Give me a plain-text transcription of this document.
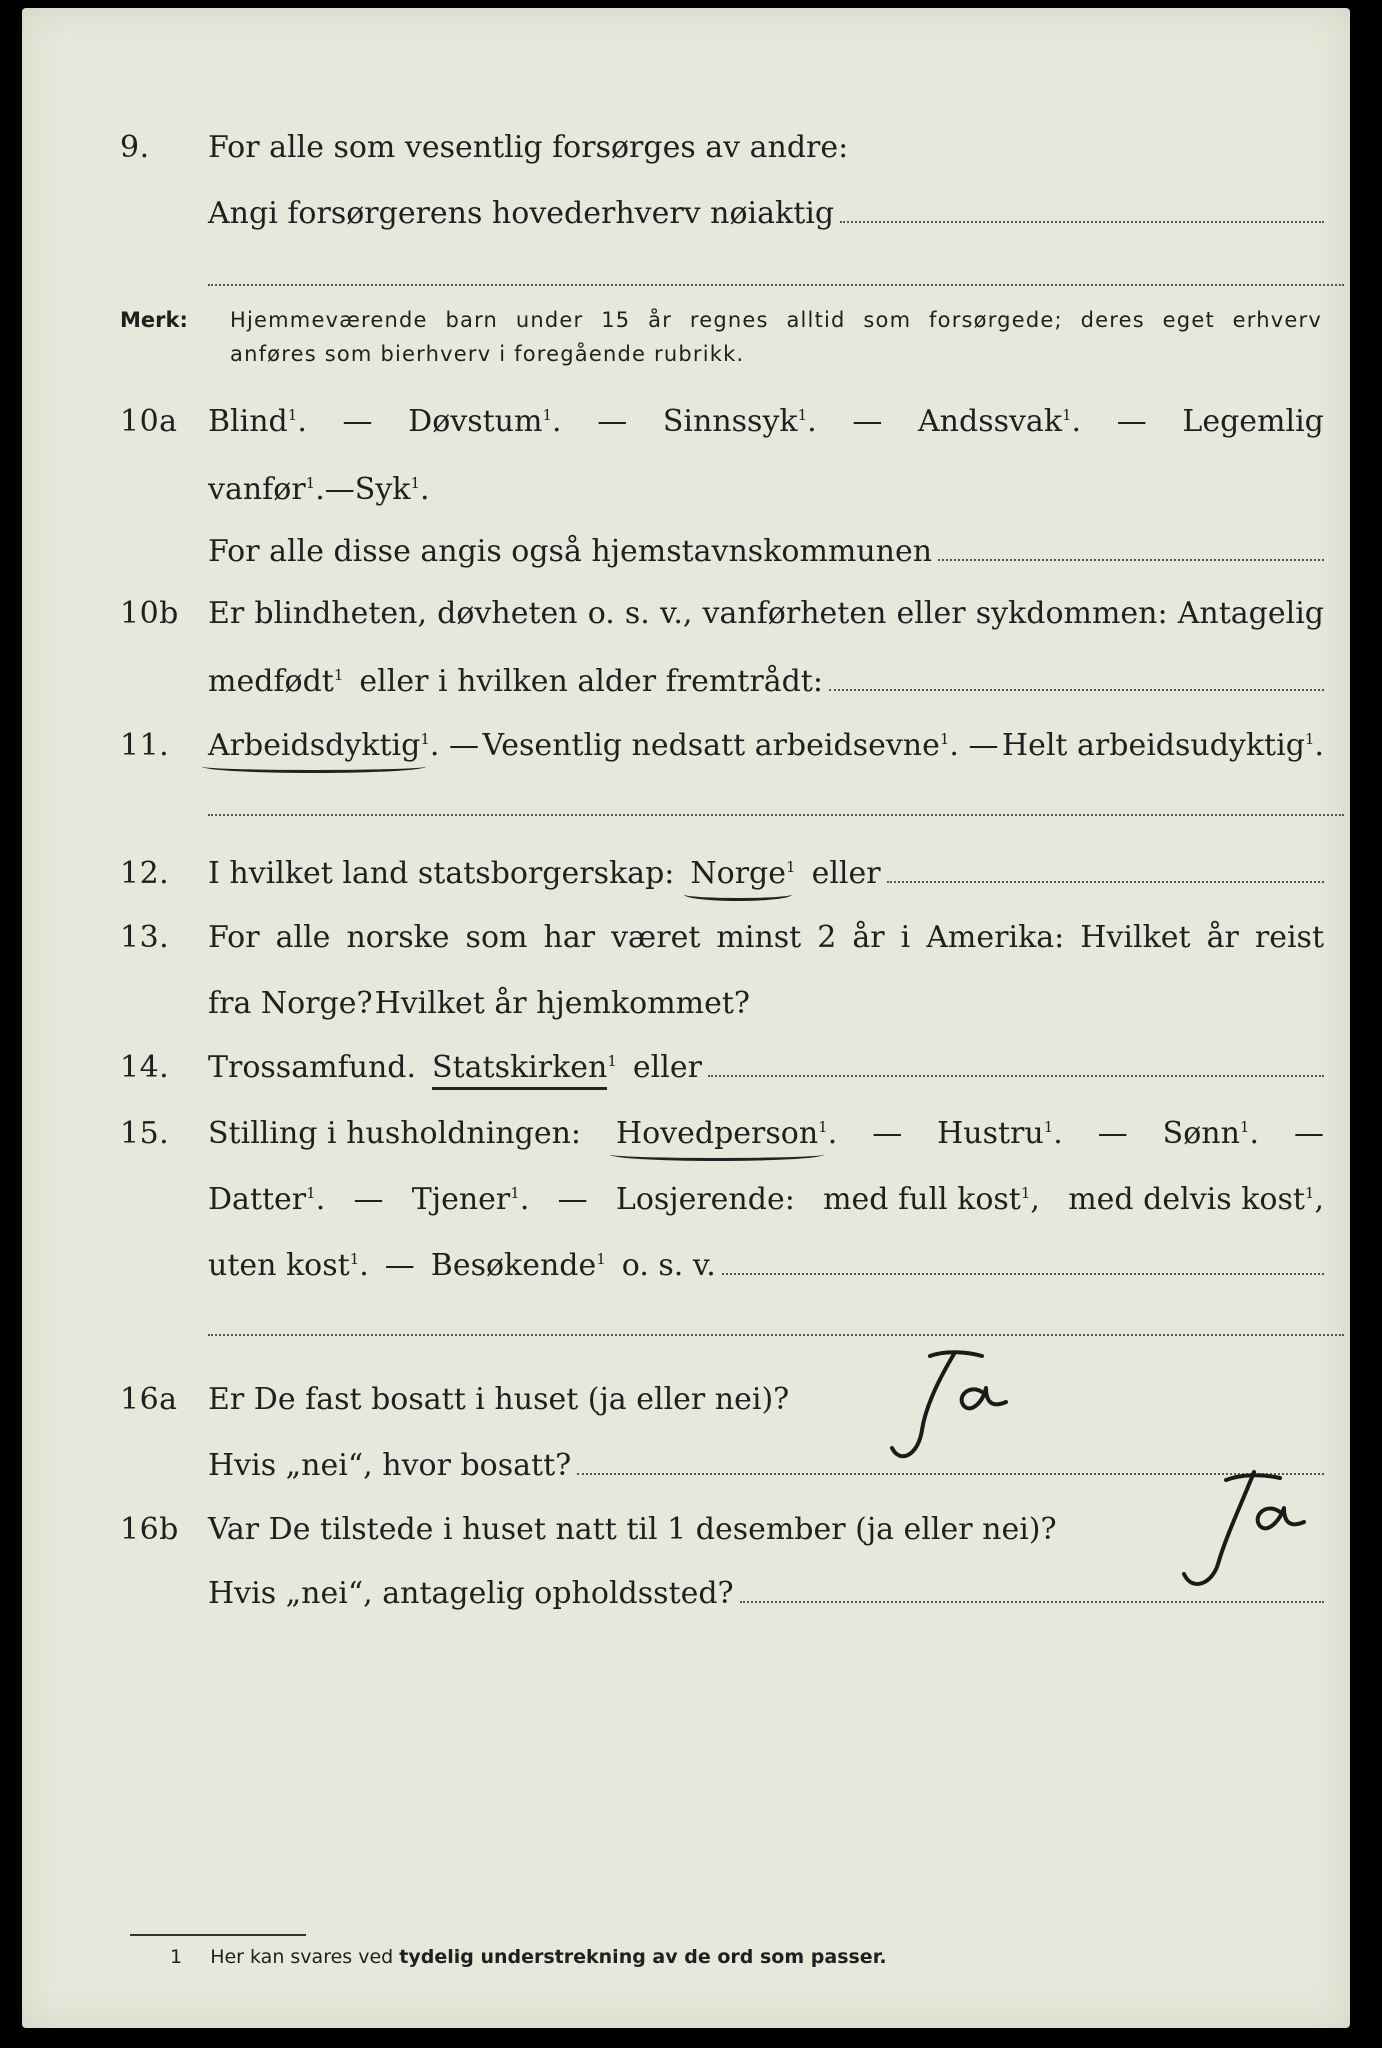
9. For alle som vesentlig forsørges av andre:
Angi forsørgerens hovederhverv nøiaktig
Merk: Hjemmeværende barn under 15 år regnes alltid som forsørgede; deres eget erhverv
anføres som bierhverv i foregående rubrikk.
10a Blind$^1$. — Døvstum$^1$. — Sinnssyk$^1$. — Andssvak$^1$. — Legemlig
vanfør$^1$. — Syk$^1$.
For alle disse angis også hjemstavnskommunen
10b Er blindheten, døvheten o. s. v., vanførheten eller sykdommen: Antagelig
medfødt$^1$ eller i hvilken alder fremtrådt:
11. Arbeidsdyktig$^1$. — Vesentlig nedsatt arbeidsevne$^1$. — Helt arbeidsudyktig$^1$.
12. I hvilket land statsborgerskap: Norge$^1$ eller
13. For alle norske som har været minst 2 år i Amerika: Hvilket år reist
fra Norge? Hvilket år hjemkommet?
14. Trossamfund. Statskirken$^1$ eller
15. Stilling i husholdningen: Hovedperson$^1$. — Hustru$^1$. — Sønn$^1$. —
Datter$^1$. — Tjener$^1$. — Losjerende: med full kost$^1$, med delvis kost$^1$,
uten kost$^1$. — Besøkende$^1$ o. s. v.
16a Er De fast bosatt i huset (ja eller nei)?
Hvis „nei“, hvor bosatt?
16b Var De tilstede i huset natt til 1 desember (ja eller nei)?
Hvis „nei“, antagelig opholdssted?
1 Her kan svares ved tydelig understrekning av de ord som passer.
